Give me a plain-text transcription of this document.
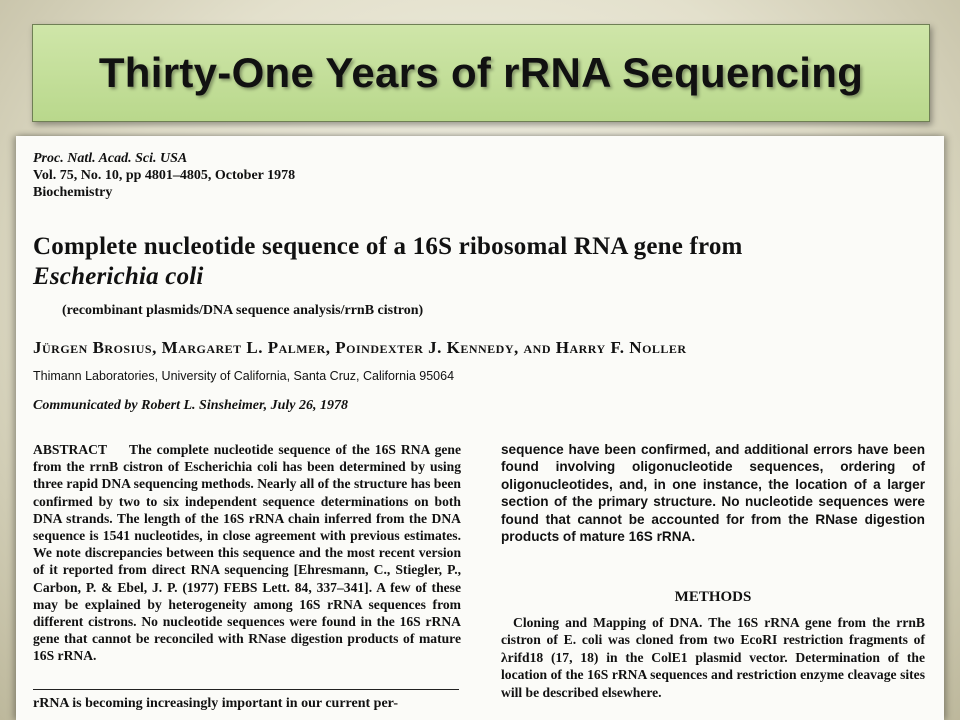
Thirty-One Years of rRNA Sequencing
Proc. Natl. Acad. Sci. USA
Vol. 75, No. 10, pp 4801–4805, October 1978
Biochemistry
Complete nucleotide sequence of a 16S ribosomal RNA gene from
Escherichia coli
(recombinant plasmids/DNA sequence analysis/rrnB cistron)
Jürgen Brosius, Margaret L. Palmer, Poindexter J. Kennedy, and Harry F. Noller
Thimann Laboratories, University of California, Santa Cruz, California 95064
Communicated by Robert L. Sinsheimer, July 26, 1978

ABSTRACT The complete nucleotide sequence of the 16S RNA gene from the rrnB cistron of Escherichia coli has been determined by using three rapid DNA sequencing methods. Nearly all of the structure has been confirmed by two to six independent sequence determinations on both DNA strands. The length of the 16S rRNA chain inferred from the DNA sequence is 1541 nucleotides, in close agreement with previous estimates. We note discrepancies between this sequence and the most recent version of it reported from direct RNA sequencing [Ehresmann, C., Stiegler, P., Carbon, P. & Ebel, J. P. (1977) FEBS Lett. 84, 337–341]. A few of these may be explained by heterogeneity among 16S rRNA sequences from different cistrons. No nucleotide sequences were found in the 16S rRNA gene that cannot be reconciled with RNase digestion products of mature 16S rRNA.

rRNA is becoming increasingly important in our current per-

sequence have been confirmed, and additional errors have been found involving oligonucleotide sequences, ordering of oligonucleotides, and, in one instance, the location of a larger section of the primary structure. No nucleotide sequences were found that cannot be accounted for from the RNase digestion products of mature 16S rRNA.

METHODS

Cloning and Mapping of DNA. The 16S rRNA gene from the rrnB cistron of E. coli was cloned from two EcoRI restriction fragments of λrifd18 (17, 18) in the ColE1 plasmid vector. Determination of the location of the 16S rRNA sequences and restriction enzyme cleavage sites will be described elsewhere.
